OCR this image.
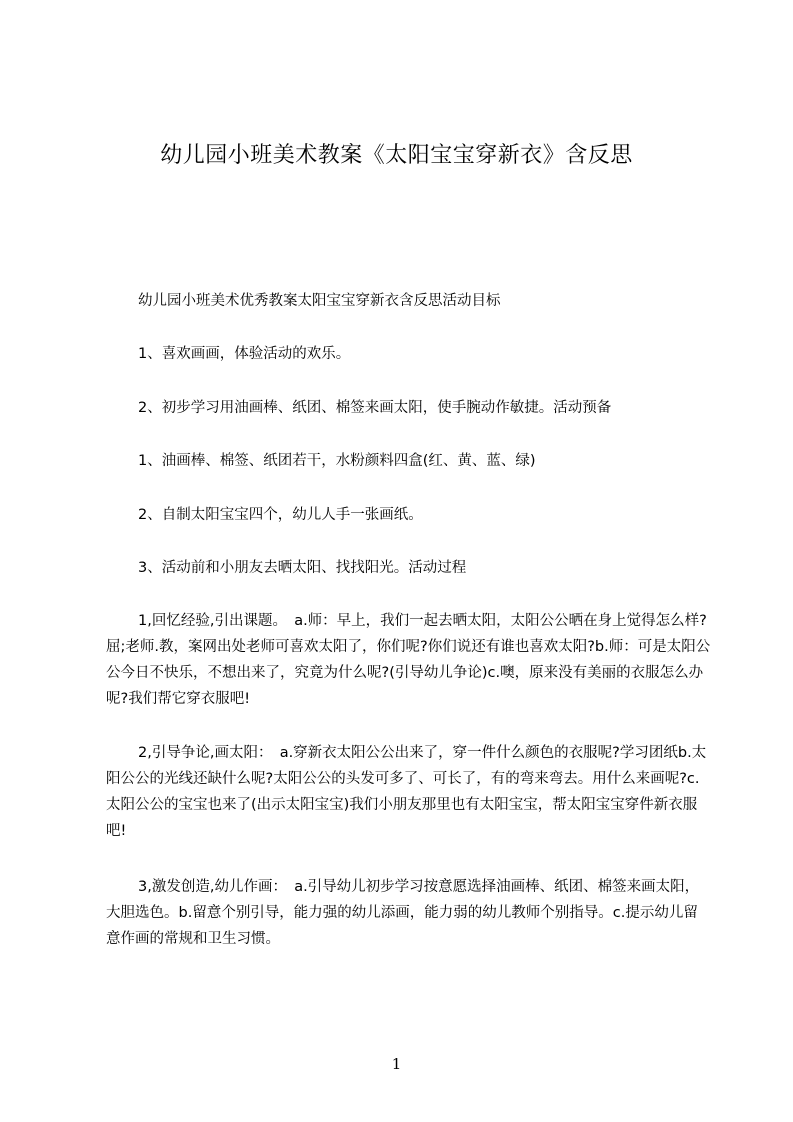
幼儿园小班美术教案《太阳宝宝穿新衣》含反思

幼儿园小班美术优秀教案太阳宝宝穿新衣含反思活动目标

1、喜欢画画，体验活动的欢乐。

2、初步学习用油画棒、纸团、棉签来画太阳，使手腕动作敏捷。活动预备

1、油画棒、棉签、纸团若干，水粉颜料四盒(红、黄、蓝、绿)

2、自制太阳宝宝四个，幼儿人手一张画纸。

3、活动前和小朋友去晒太阳、找找阳光。活动过程

1,回忆经验,引出课题。　a.师：早上，我们一起去晒太阳，太阳公公晒在身上觉得怎么样?屈;老师.教，案网出处老师可喜欢太阳了，你们呢?你们说还有谁也喜欢太阳?b.师：可是太阳公公今日不快乐，不想出来了，究竟为什么呢?(引导幼儿争论)c.噢，原来没有美丽的衣服怎么办呢?我们帮它穿衣服吧!

2,引导争论,画太阳：　a.穿新衣太阳公公出来了，穿一件什么颜色的衣服呢?学习团纸b.太阳公公的光线还缺什么呢?太阳公公的头发可多了、可长了，有的弯来弯去。用什么来画呢?c.太阳公公的宝宝也来了(出示太阳宝宝)我们小朋友那里也有太阳宝宝，帮太阳宝宝穿件新衣服吧!

3,激发创造,幼儿作画：　a.引导幼儿初步学习按意愿选择油画棒、纸团、棉签来画太阳，大胆选色。b.留意个别引导，能力强的幼儿添画，能力弱的幼儿教师个别指导。c.提示幼儿留意作画的常规和卫生习惯。

1
